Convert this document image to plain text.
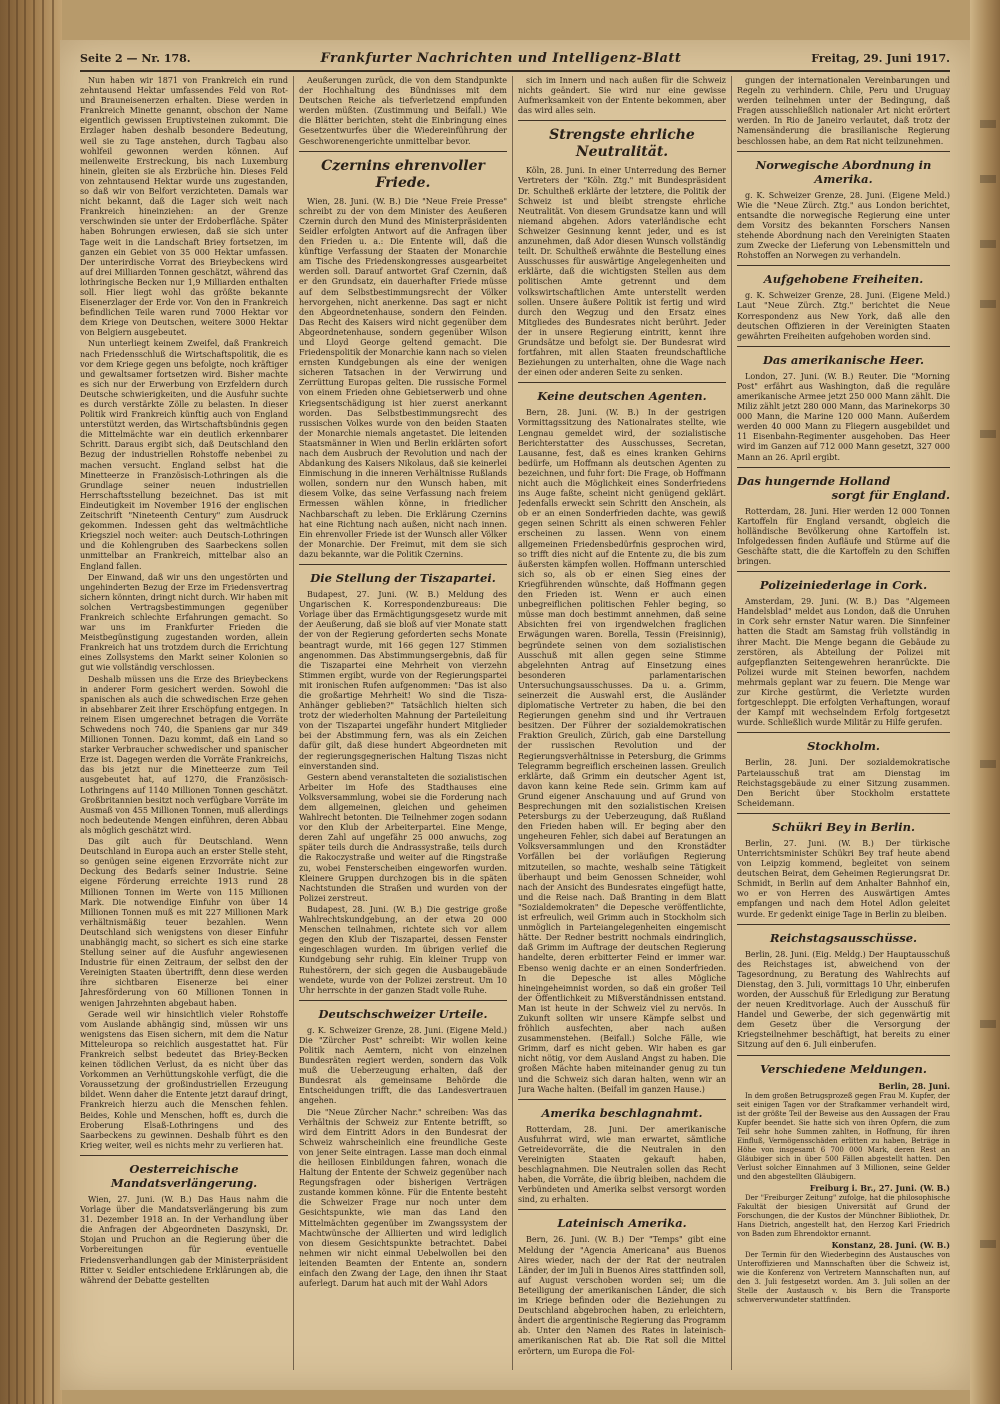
Seite 2 — Nr. 178.	Frankfurter Nachrichten und Intelligenz-Blatt	Freitag, 29. Juni 1917.

Nun haben wir 1871 von Frankreich ein rund zehntausend Hektar umfassendes Feld von Rot- und Brauneisenerzen erhalten. Diese werden in Frankreich Minette genannt, obschon der Name eigentlich gewissen Eruptivsteinen zukommt. Die Erzlager haben deshalb besondere Bedeutung, weil sie zu Tage anstehen, durch Tagbau also wohlfeil gewonnen werden können. Auf meilenweite Erstreckung, bis nach Luxemburg hinein, gleiten sie als Erzbrüche hin. Dieses Feld von zehntausend Hektar wurde uns zugestanden, so daß wir von Belfort verzichteten. Damals war nicht bekannt, daß die Lager sich weit nach Frankreich hineinziehen: an der Grenze verschwinden sie unter der Erdoberfläche. Später haben Bohrungen erwiesen, daß sie sich unter Tage weit in die Landschaft Briey fortsetzen, im ganzen ein Gebiet von 35 000 Hektar umfassen. Der unterirdische Vorrat des Brieybeckens wird auf drei Milliarden Tonnen geschätzt, während das lothringische Becken nur 1,9 Milliarden enthalten soll. Hier liegt wohl das größte bekannte Eisenerzlager der Erde vor. Von den in Frankreich befindlichen Teile waren rund 7000 Hektar vor dem Kriege von Deutschen, weitere 3000 Hektar von Belgiern ausgebeutet.

Nun unterliegt keinem Zweifel, daß Frankreich nach Friedensschluß die Wirtschaftspolitik, die es vor dem Kriege gegen uns befolgte, noch kräftiger und gewaltsamer fortsetzen wird. Bisher machte es sich nur der Erwerbung von Erzfeldern durch Deutsche schwierigkeiten, und die Ausfuhr suchte es durch verstärkte Zölle zu belasten. In dieser Politik wird Frankreich künftig auch von England unterstützt werden, das Wirtschaftsbündnis gegen die Mittelmächte war ein deutlich erkennbarer Schritt. Daraus ergibt sich, daß Deutschland den Bezug der industriellen Rohstoffe nebenbei zu machen versucht. England selbst hat die Minetteerze in Französisch-Lothringen als die Grundlage seiner neuen industriellen Herrschaftsstellung bezeichnet. Das ist mit Eindeutigkeit im November 1916 der englischen Zeitschrift "Nineteenth Century" zum Ausdruck gekommen. Indessen geht das weltmächtliche Kriegsziel noch weiter: auch Deutsch-Lothringen und die Kohlengruben des Saarbeckens sollen unmittelbar an Frankreich, mittelbar also an England fallen.

Der Einwand, daß wir uns den ungestörten und ungehinderten Bezug der Erze im Friedensvertrag sichern könnten, dringt nicht durch. Wir haben mit solchen Vertragsbestimmungen gegenüber Frankreich schlechte Erfahrungen gemacht. So war uns im Frankfurter Frieden die Meistbegünstigung zugestanden worden, allein Frankreich hat uns trotzdem durch die Errichtung eines Zollsystems den Markt seiner Kolonien so gut wie vollständig verschlossen.

Deshalb müssen uns die Erze des Brieybeckens in anderer Form gesichert werden. Sowohl die spanischen als auch die schwedischen Erze gehen in absehbarer Zeit ihrer Erschöpfung entgegen. In reinem Eisen umgerechnet betragen die Vorräte Schwedens noch 740, die Spaniens gar nur 349 Millionen Tonnen. Dazu kommt, daß ein Land so starker Verbraucher schwedischer und spanischer Erze ist. Dagegen werden die Vorräte Frankreichs, das bis jetzt nur die Minetteerze zum Teil ausgebeutet hat, auf 1270, die Französisch-Lothringens auf 1140 Millionen Tonnen geschätzt. Großbritannien besitzt noch verfügbare Vorräte im Ausmaß von 455 Millionen Tonnen, muß allerdings noch bedeutende Mengen einführen, deren Abbau als möglich geschätzt wird.

Das gilt auch für Deutschland. Wenn Deutschland in Europa auch an erster Stelle steht, so genügen seine eigenen Erzvorräte nicht zur Deckung des Bedarfs seiner Industrie. Seine eigene Förderung erreichte 1913 rund 28 Millionen Tonnen im Werte von 115 Millionen Mark. Die notwendige Einfuhr von über 14 Millionen Tonnen muß es mit 227 Millionen Mark verhältnismäßig teuer bezahlen. Wenn Deutschland sich wenigstens von dieser Einfuhr unabhängig macht, so sichert es sich eine starke Stellung seiner auf die Ausfuhr angewiesenen Industrie für einen Zeitraum, der selbst den der Vereinigten Staaten übertrifft, denn diese werden ihre sichtbaren Eisenerze bei einer Jahresförderung von 60 Millionen Tonnen in wenigen Jahrzehnten abgebaut haben.

Gerade weil wir hinsichtlich vieler Rohstoffe vom Auslande abhängig sind, müssen wir uns wenigstens das Eisen sichern, mit dem die Natur Mitteleuropa so reichlich ausgestattet hat. Für Frankreich selbst bedeutet das Briey-Becken keinen tödlichen Verlust, da es nicht über das Vorkommen an Verhüttungskohle verfügt, die die Voraussetzung der großindustriellen Erzeugung bildet. Wenn daher die Entente jetzt darauf dringt, Frankreich hierzu auch die Menschen fehlen. Beides, Kohle und Menschen, hofft es, durch die Eroberung Elsaß-Lothringens und des Saarbeckens zu gewinnen. Deshalb führt es den Krieg weiter, weil es nichts mehr zu verlieren hat.

Oesterreichische Mandatsverlängerung.

Wien, 27. Juni. (W. B.) Das Haus nahm die Vorlage über die Mandatsverlängerung bis zum 31. Dezember 1918 an. In der Verhandlung über die Anfragen der Abgeordneten Daszynski, Dr. Stojan und Pruchon an die Regierung über die Vorbereitungen für eventuelle Friedensverhandlungen gab der Ministerpräsident Ritter v. Seidler entschiedene Erklärungen ab, die während der Debatte gestellten

Aeußerungen zurück, die von dem Standpunkte der Hochhaltung des Bündnisses mit dem Deutschen Reiche als tiefverletzend empfunden werden müßten. (Zustimmung und Beifall.) Wie die Blätter berichten, steht die Einbringung eines Gesetzentwurfes über die Wiedereinführung der Geschworenengerichte unmittelbar bevor.

Czernins ehrenvoller Friede.

Wien, 28. Juni. (W. B.) Die "Neue Freie Presse" schreibt zu der von dem Minister des Aeußeren Czernin durch den Mund des Ministerpräsidenten Seidler erfolgten Antwort auf die Anfragen über den Frieden u. a.: Die Entente will, daß die künftige Verfassung der Staaten der Monarchie am Tische des Friedenskongresses ausgearbeitet werden soll. Darauf antwortet Graf Czernin, daß er den Grundsatz, ein dauerhafter Friede müsse auf dem Selbstbestimmungsrecht der Völker hervorgehen, nicht anerkenne. Das sagt er nicht den Abgeordnetenhause, sondern den Feinden. Das Recht des Kaisers wird nicht gegenüber dem Abgeordnetenhause, sondern gegenüber Wilson und Lloyd George geltend gemacht. Die Friedenspolitik der Monarchie kann nach so vielen ernsten Kundgebungen als eine der wenigen sicheren Tatsachen in der Verwirrung und Zerrüttung Europas gelten. Die russische Formel von einem Frieden ohne Gebietserwerb und ohne Kriegsentschädigung ist hier zuerst anerkannt worden. Das Selbstbestimmungsrecht des russischen Volkes wurde von den beiden Staaten der Monarchie niemals angetastet. Die leitenden Staatsmänner in Wien und Berlin erklärten sofort nach dem Ausbruch der Revolution und nach der Abdankung des Kaisers Nikolaus, daß sie keinerlei Einmischung in die inneren Verhältnisse Rußlands wollen, sondern nur den Wunsch haben, mit diesem Volke, das seine Verfassung nach freiem Ermessen wählen könne, in friedlicher Nachbarschaft zu leben. Die Erklärung Czernins hat eine Richtung nach außen, nicht nach innen. Ein ehrenvoller Friede ist der Wunsch aller Völker der Monarchie. Der Freimut, mit dem sie sich dazu bekannte, war die Politik Czernins.

Die Stellung der Tiszapartei.

Budapest, 27. Juni. (W. B.) Meldung des Ungarischen K. Korrespondenzbureaus: Die Vorlage über das Ermächtigungsgesetz wurde mit der Aeußerung, daß sie bloß auf vier Monate statt der von der Regierung geforderten sechs Monate beantragt wurde, mit 166 gegen 127 Stimmen angenommen. Das Abstimmungsergebnis, daß für die Tiszapartei eine Mehrheit von vierzehn Stimmen ergibt, wurde von der Regierungspartei mit ironischen Rufen aufgenommen: "Das ist also die großartige Mehrheit! Wo sind die Tisza-Anhänger geblieben?" Tatsächlich hielten sich trotz der wiederholten Mahnung der Parteileitung von der Tiszapartei ungefähr hundert Mitglieder bei der Abstimmung fern, was als ein Zeichen dafür gilt, daß diese hundert Abgeordneten mit der regierungsgegnerischen Haltung Tiszas nicht einverstanden sind.

Gestern abend veranstalteten die sozialistischen Arbeiter im Hofe des Stadthauses eine Volksversammlung, wobei sie die Forderung nach dem allgemeinen, gleichen und geheimen Wahlrecht betonten. Die Teilnehmer zogen sodann vor den Klub der Arbeiterpartei. Eine Menge, deren Zahl auf ungefähr 25 000 anwuchs, zog später teils durch die Andrassystraße, teils durch die Rakoczystraße und weiter auf die Ringstraße zu, wobei Fensterscheiben eingeworfen wurden. Kleinere Gruppen durchzogen bis in die späten Nachtstunden die Straßen und wurden von der Polizei zerstreut.

Budapest, 28. Juni. (W. B.) Die gestrige große Wahlrechtskundgebung, an der etwa 20 000 Menschen teilnahmen, richtete sich vor allem gegen den Klub der Tiszapartei, dessen Fenster eingeschlagen wurden. Im übrigen verlief die Kundgebung sehr ruhig. Ein kleiner Trupp von Ruhestörern, der sich gegen die Ausbaugebäude wendete, wurde von der Polizei zerstreut. Um 10 Uhr herrschte in der ganzen Stadt volle Ruhe.

Deutschschweizer Urteile.

g. K. Schweizer Grenze, 28. Juni. (Eigene Meld.) Die "Zürcher Post" schreibt: Wir wollen keine Politik nach Aemtern, nicht von einzelnen Bundesräten regiert werden, sondern das Volk muß die Ueberzeugung erhalten, daß der Bundesrat als gemeinsame Behörde die Entscheidungen trifft, die das Landesvertrauen angehen.

Die "Neue Zürcher Nachr." schreiben: Was das Verhältnis der Schweiz zur Entente betrifft, so wird dem Eintritt Adors in den Bundesrat der Schweiz wahrscheinlich eine freundliche Geste von jener Seite eintragen. Lasse man doch einmal die heillosen Einbildungen fahren, wonach die Haltung der Entente der Schweiz gegenüber nach Regungsfragen oder bisherigen Verträgen zustande kommen könne. Für die Entente besteht die Schweizer Frage nur noch unter dem Gesichtspunkte, wie man das Land den Mittelmächten gegenüber im Zwangssystem der Machtwünsche der Alliierten und wird lediglich von diesem Gesichtspunkte betrachtet. Dabei nehmen wir nicht einmal Uebelwollen bei den leitenden Beamten der Entente an, sondern einfach den Zwang der Lage, den ihnen ihr Staat auferlegt. Darum hat auch mit der Wahl Adors

sich im Innern und nach außen für die Schweiz nichts geändert. Sie wird nur eine gewisse Aufmerksamkeit von der Entente bekommen, aber das wird alles sein.

Strengste ehrliche Neutralität.

Köln, 28. Juni. In einer Unterredung des Berner Vertreters der "Köln. Ztg." mit Bundespräsident Dr. Schultheß erklärte der letztere, die Politik der Schweiz ist und bleibt strengste ehrliche Neutralität. Von diesem Grundsatze kann und will niemand abgehen. Adors vaterländische echt Schweizer Gesinnung kennt jeder, und es ist anzunehmen, daß Ador diesen Wunsch vollständig teilt. Dr. Schultheß erwähnte die Bestellung eines Ausschusses für auswärtige Angelegenheiten und erklärte, daß die wichtigsten Stellen aus dem politischen Amte getrennt und dem volkswirtschaftlichen Amte unterstellt werden sollen. Unsere äußere Politik ist fertig und wird durch den Wegzug und den Ersatz eines Mitgliedes des Bundesrates nicht berührt. Jeder der in unsere Regierung eintritt, kennt ihre Grundsätze und befolgt sie. Der Bundesrat wird fortfahren, mit allen Staaten freundschaftliche Beziehungen zu unterhalten, ohne die Wage nach der einen oder anderen Seite zu senken.

Keine deutschen Agenten.

Bern, 28. Juni. (W. B.) In der gestrigen Vormittagssitzung des Nationalrates stellte, wie Lengnau gemeldet wird, der sozialistische Berichterstatter des Ausschusses, Secretan, Lausanne, fest, daß es eines kranken Gehirns bedürfe, um Hoffmann als deutschen Agenten zu bezeichnen, und fuhr fort: Die Frage, ob Hoffmann nicht auch die Möglichkeit eines Sonderfriedens ins Auge faßte, scheint nicht genügend geklärt. Jedenfalls erweckt sein Schritt den Anschein, als ob er an einen Sonderfrieden dachte, was gewiß gegen seinen Schritt als einen schweren Fehler erscheinen zu lassen. Wenn von einem allgemeinen Friedensbedürfnis gesprochen wird, so trifft dies nicht auf die Entente zu, die bis zum äußersten kämpfen wollen. Hoffmann unterschied sich so, als ob er einen Sieg eines der Kriegführenden wünschte, daß Hoffmann gegen den Frieden ist. Wenn er auch einen unbegreiflichen politischen Fehler beging, so müsse man doch bestimmt annehmen, daß seine Absichten frei von irgendwelchen fraglichen Erwägungen waren. Borella, Tessin (Freisinnig), begründete seinen von dem sozialistischen Ausschuß mit allen gegen seine Stimme abgelehnten Antrag auf Einsetzung eines besonderen parlamentarischen Untersuchungsausschusses. Da u. a. Grimm, seinerzeit die Auswahl erst, die Ausländer diplomatische Vertreter zu haben, die bei den Regierungen genehm sind und ihr Vertrauen besitzen. Der Führer der sozialdemokratischen Fraktion Greulich, Zürich, gab eine Darstellung der russischen Revolution und der Regierungsverhältnisse in Petersburg, die Grimms Telegramm begreiflich erscheinen lassen. Greulich erklärte, daß Grimm ein deutscher Agent ist, davon kann keine Rede sein. Grimm kam auf Grund eigener Anschauung und auf Grund von Besprechungen mit den sozialistischen Kreisen Petersburgs zu der Ueberzeugung, daß Rußland den Frieden haben will. Er beging aber den ungeheuren Fehler, sich dabei auf Beratungen an Volksversammlungen und den Kronstädter Vorfällen bei der vorläufigen Regierung mitzuteilen, so machte, weshalb seine Tätigkeit überhaupt und beim Genossen Schneider, wohl nach der Ansicht des Bundesrates eingefügt hatte, und die Reise nach. Daß Branting in dem Blatt "Sozialdemokraten" die Depesche veröffentlichte, ist erfreulich, weil Grimm auch in Stockholm sich unmöglich in Parteiangelegenheiten eingemischt hätte. Der Redner bestritt nochmals eindringlich, daß Grimm im Auftrage der deutschen Regierung handelte, deren erbitterter Feind er immer war. Ebenso wenig dachte er an einen Sonderfrieden. In die Depesche ist alles Mögliche hineingeheimnist worden, so daß ein großer Teil der Öffentlichkeit zu Mißverständnissen entstand. Man ist heute in der Schweiz viel zu nervös. In Zukunft sollten wir unsere Kämpfe selbst und fröhlich ausfechten, aber nach außen zusammenstehen. (Beifall.) Solche Fälle, wie Grimm, darf es nicht geben. Wir haben es gar nicht nötig, vor dem Ausland Angst zu haben. Die großen Mächte haben miteinander genug zu tun und die Schweiz sich daran halten, wenn wir an Jura Wache halten. (Beifall im ganzen Hause.)

Amerika beschlagnahmt.

Rotterdam, 28. Juni. Der amerikanische Ausfuhrrat wird, wie man erwartet, sämtliche Getreidevorräte, die die Neutralen in den Vereinigten Staaten gekauft haben, beschlagnahmen. Die Neutralen sollen das Recht haben, die Vorräte, die übrig bleiben, nachdem die Verbündeten und Amerika selbst versorgt worden sind, zu erhalten.

Lateinisch Amerika.

Bern, 26. Juni. (W. B.) Der "Temps" gibt eine Meldung der "Agencia Americana" aus Buenos Aires wieder, nach der der Rat der neutralen Länder, der im Juli in Buenos Aires stattfinden soll, auf August verschoben worden sei; um die Beteiligung der amerikanischen Länder, die sich im Kriege befinden oder die Beziehungen zu Deutschland abgebrochen haben, zu erleichtern, ändert die argentinische Regierung das Programm ab. Unter den Namen des Rates in lateinisch-amerikanischen Rat ab. Die Rat soll die Mittel erörtern, um Europa die Fol-

gungen der internationalen Vereinbarungen und Regeln zu verhindern. Chile, Peru und Uruguay werden teilnehmen unter der Bedingung, daß Fragen ausschließlich nationaler Art nicht erörtert werden. In Rio de Janeiro verlautet, daß trotz der Namensänderung die brasilianische Regierung beschlossen habe, an dem Rat nicht teilzunehmen.

Norwegische Abordnung in Amerika.

g. K. Schweizer Grenze, 28. Juni. (Eigene Meld.) Wie die "Neue Zürch. Ztg." aus London berichtet, entsandte die norwegische Regierung eine unter dem Vorsitz des bekannten Forschers Nansen stehende Abordnung nach den Vereinigten Staaten zum Zwecke der Lieferung von Lebensmitteln und Rohstoffen an Norwegen zu verhandeln.

Aufgehobene Freiheiten.

g. K. Schweizer Grenze, 28. Juni. (Eigene Meld.) Laut "Neue Zürch. Ztg." berichtet die Neue Korrespondenz aus New York, daß alle den deutschen Offizieren in der Vereinigten Staaten gewährten Freiheiten aufgehoben worden sind.

Das amerikanische Heer.

London, 27. Juni. (W. B.) Reuter. Die "Morning Post" erfährt aus Washington, daß die reguläre amerikanische Armee jetzt 250 000 Mann zählt. Die Miliz zählt jetzt 280 000 Mann, das Marinekorps 30 000 Mann, die Marine 120 000 Mann. Außerdem werden 40 000 Mann zu Fliegern ausgebildet und 11 Eisenbahn-Regimenter ausgehoben. Das Heer wird im Ganzen auf 712 000 Mann gesetzt, 327 000 Mann an 26. April ergibt.

Das hungernde Holland
sorgt für England.

Rotterdam, 28. Juni. Hier werden 12 000 Tonnen Kartoffeln für England versandt, obgleich die holländische Bevölkerung ohne Kartoffeln ist. Infolgedessen finden Aufläufe und Stürme auf die Geschäfte statt, die die Kartoffeln zu den Schiffen bringen.

Polizeiniederlage in Cork.

Amsterdam, 29. Juni. (W. B.) Das "Algemeen Handelsblad" meldet aus London, daß die Unruhen in Cork sehr ernster Natur waren. Die Sinnfeiner hatten die Stadt am Samstag früh vollständig in ihrer Macht. Die Menge begann die Gebäude zu zerstören, als Abteilung der Polizei mit aufgepflanzten Seitengewehren heranrückte. Die Polizei wurde mit Steinen beworfen, nachdem mehrmals geplant war zu feuern. Die Menge war zur Kirche gestürmt, die Verletzte wurden fortgeschleppt. Die erfolgten Verhaftungen, worauf der Kampf mit wechselndem Erfolg fortgesetzt wurde. Schließlich wurde Militär zu Hilfe gerufen.

Stockholm.

Berlin, 28. Juni. Der sozialdemokratische Parteiausschuß trat am Dienstag im Reichstagsgebäude zu einer Sitzung zusammen. Den Bericht über Stockholm erstattete Scheidemann.

Schükri Bey in Berlin.

Berlin, 27. Juni. (W. B.) Der türkische Unterrichtsminister Schükri Bey traf heute abend von Leipzig kommend, begleitet von seinem deutschen Beirat, dem Geheimen Regierungsrat Dr. Schmidt, in Berlin auf dem Anhalter Bahnhof ein, wo er von Herren des Auswärtigen Amtes empfangen und nach dem Hotel Adlon geleitet wurde. Er gedenkt einige Tage in Berlin zu bleiben.

Reichstagsausschüsse.

Berlin, 28. Juni. (Eig. Meldg.) Der Hauptausschuß des Reichstages ist, abweichend von der Tagesordnung, zu Beratung des Wahlrechts auf Dienstag, den 3. Juli, vormittags 10 Uhr, einberufen worden, der Ausschuß für Erledigung zur Beratung der neuen Kreditvorlage. Auch der Ausschuß für Handel und Gewerbe, der sich gegenwärtig mit dem Gesetz über die Versorgung der Kriegsteilnehmer beschäftigt, hat bereits zu einer Sitzung auf den 6. Juli einberufen.

Verschiedene Meldungen.

Berlin, 28. Juni.

In dem großen Betrugsprozeß gegen Frau M. Kupfer, der seit einigen Tagen vor der Strafkammer verhandelt wird, ist der größte Teil der Beweise aus den Aussagen der Frau Kupfer beendet. Sie hatte sich von ihren Opfern, die zum Teil sehr hohe Summen zahlten, in Hoffnung, für ihren Einfluß, Vermögensschäden erlitten zu haben, Beträge in Höhe von insgesamt 6 700 000 Mark, deren Rest an Gläubiger sich in über 500 Fällen abgestellt hatten. Den Verlust solcher Einnahmen auf 3 Millionen, seine Gelder und den abgestellten Gläubigern.

Freiburg i. Br., 27. Juni. (W. B.)

Der "Freiburger Zeitung" zufolge, hat die philosophische Fakultät der biesigen Universität auf Grund der Forschungen, die der Kustos der Münchner Bibliothek, Dr. Hans Dietrich, angestellt hat, den Herzog Karl Friedrich von Baden zum Ehrendoktor ernannt.

Konstanz, 28. Juni. (W. B.)

Der Termin für den Wiederbeginn des Austausches von Unteroffizieren und Mannschaften über die Schweiz ist, wie die Konferenz von Vertretern Mannschaften nun, auf den 3. Juli festgesetzt worden. Am 3. Juli sollen an der Stelle der Austausch v. bis Bern die Transporte schwerverwundeter stattfinden.
